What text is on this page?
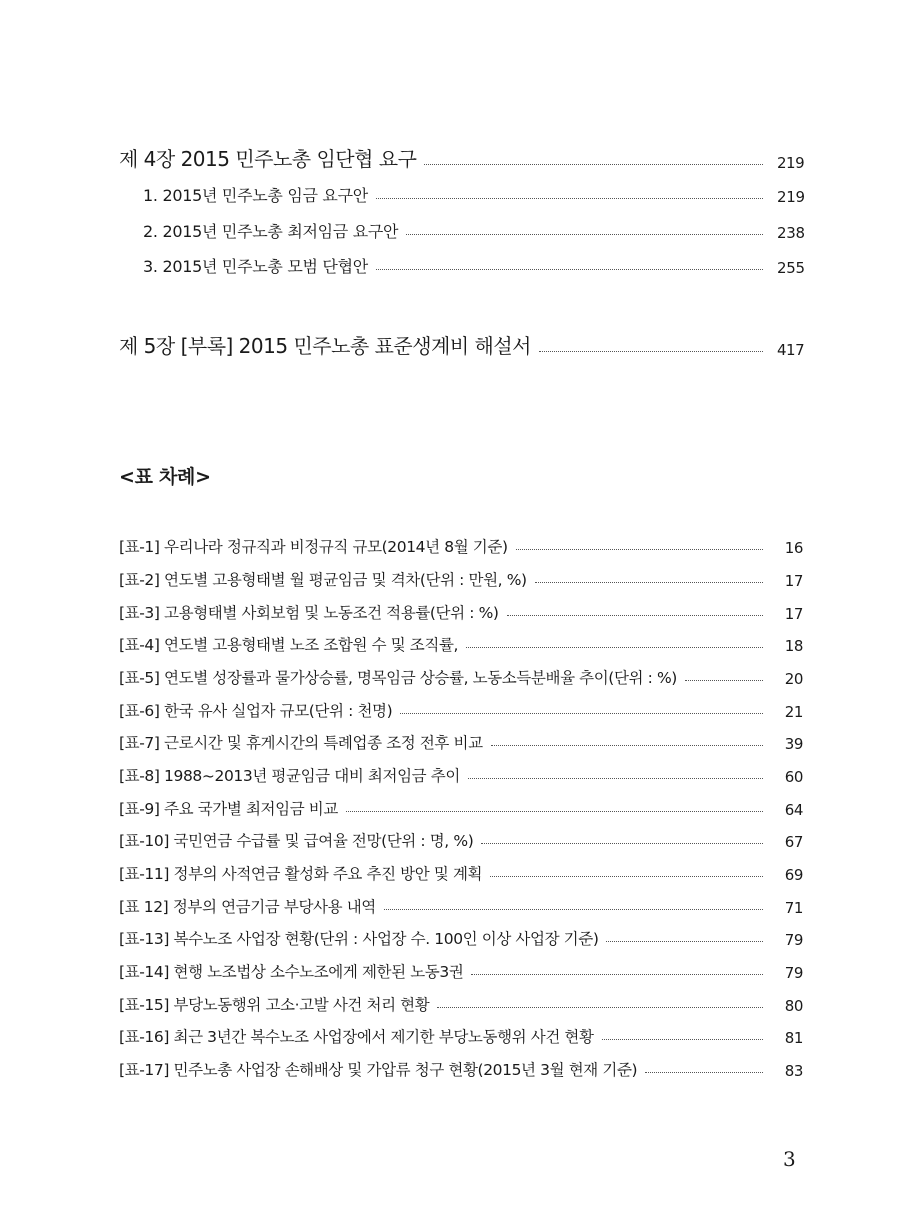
제 4장 2015 민주노총 임단협 요구	219
1. 2015년 민주노총 임금 요구안	219
2. 2015년 민주노총 최저임금 요구안	238
3. 2015년 민주노총 모범 단협안	255
제 5장 [부록] 2015 민주노총 표준생계비 해설서	417
<표 차례>
[표-1] 우리나라 정규직과 비정규직 규모(2014년 8월 기준)	16
[표-2] 연도별 고용형태별 월 평균임금 및 격차(단위 : 만원, %)	17
[표-3] 고용형태별 사회보험 및 노동조건 적용률(단위 : %)	17
[표-4] 연도별 고용형태별 노조 조합원 수 및 조직률,	18
[표-5] 연도별 성장률과 물가상승률, 명목임금 상승률, 노동소득분배율 추이(단위 : %)	20
[표-6] 한국 유사 실업자 규모(단위 : 천명)	21
[표-7] 근로시간 및 휴게시간의 특례업종 조정 전후 비교	39
[표-8] 1988~2013년 평균임금 대비 최저임금 추이	60
[표-9] 주요 국가별 최저임금 비교	64
[표-10] 국민연금 수급률 및 급여율 전망(단위 : 명, %)	67
[표-11] 정부의 사적연금 활성화 주요 추진 방안 및 계획	69
[표 12] 정부의 연금기금 부당사용 내역	71
[표-13] 복수노조 사업장 현황(단위 : 사업장 수. 100인 이상 사업장 기준)	79
[표-14] 현행 노조법상 소수노조에게 제한된 노동3권	79
[표-15] 부당노동행위 고소·고발 사건 처리 현황	80
[표-16] 최근 3년간 복수노조 사업장에서 제기한 부당노동행위 사건 현황	81
[표-17] 민주노총 사업장 손해배상 및 가압류 청구 현황(2015년 3월 현재 기준)	83
3
